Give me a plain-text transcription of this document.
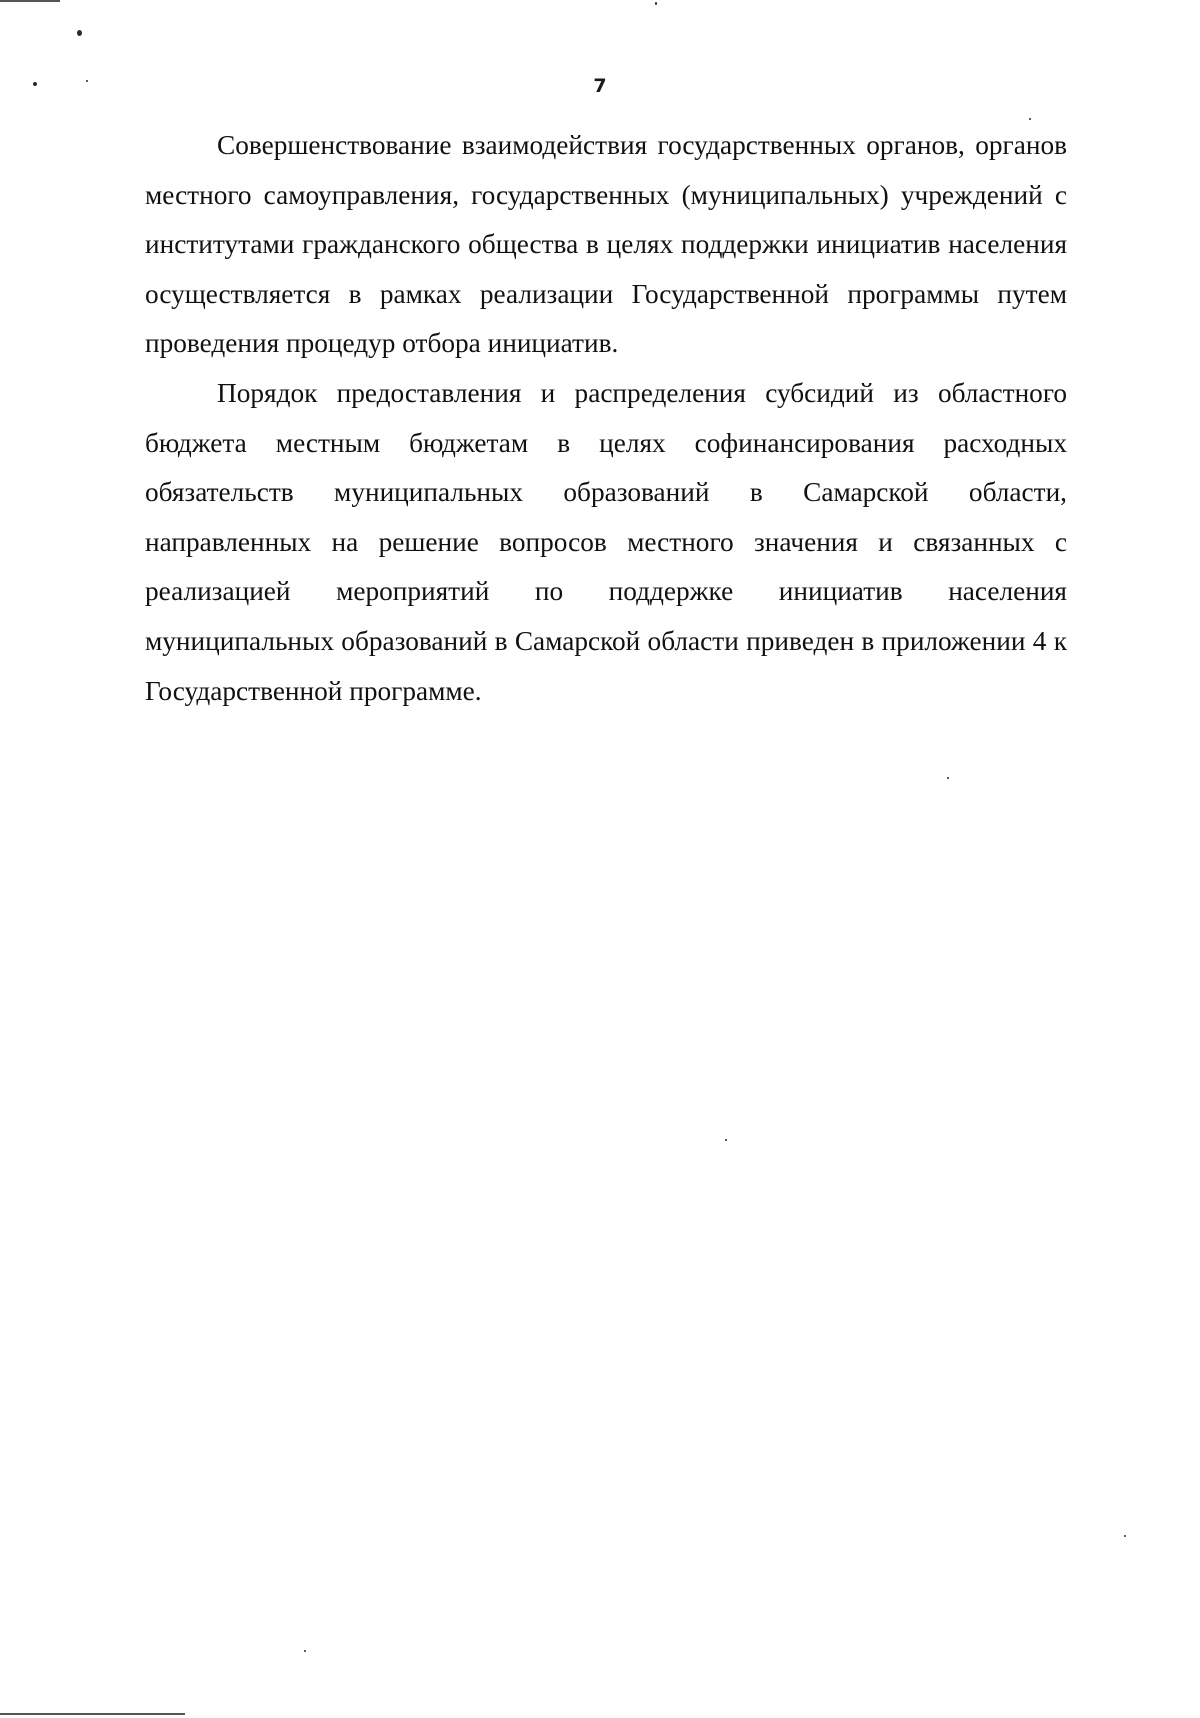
7

Совершенствование взаимодействия государственных органов, органов местного самоуправления, государственных (муниципальных) учреждений с институтами гражданского общества в целях поддержки инициатив населения осуществляется в рамках реализации Государственной программы путем проведения процедур отбора инициатив.

Порядок предоставления и распределения субсидий из областного бюджета местным бюджетам в целях софинансирования расходных обязательств муниципальных образований в Самарской области, направленных на решение вопросов местного значения и связанных с реализацией мероприятий по поддержке инициатив населения муниципальных образований в Самарской области приведен в приложении 4 к Государственной программе.
